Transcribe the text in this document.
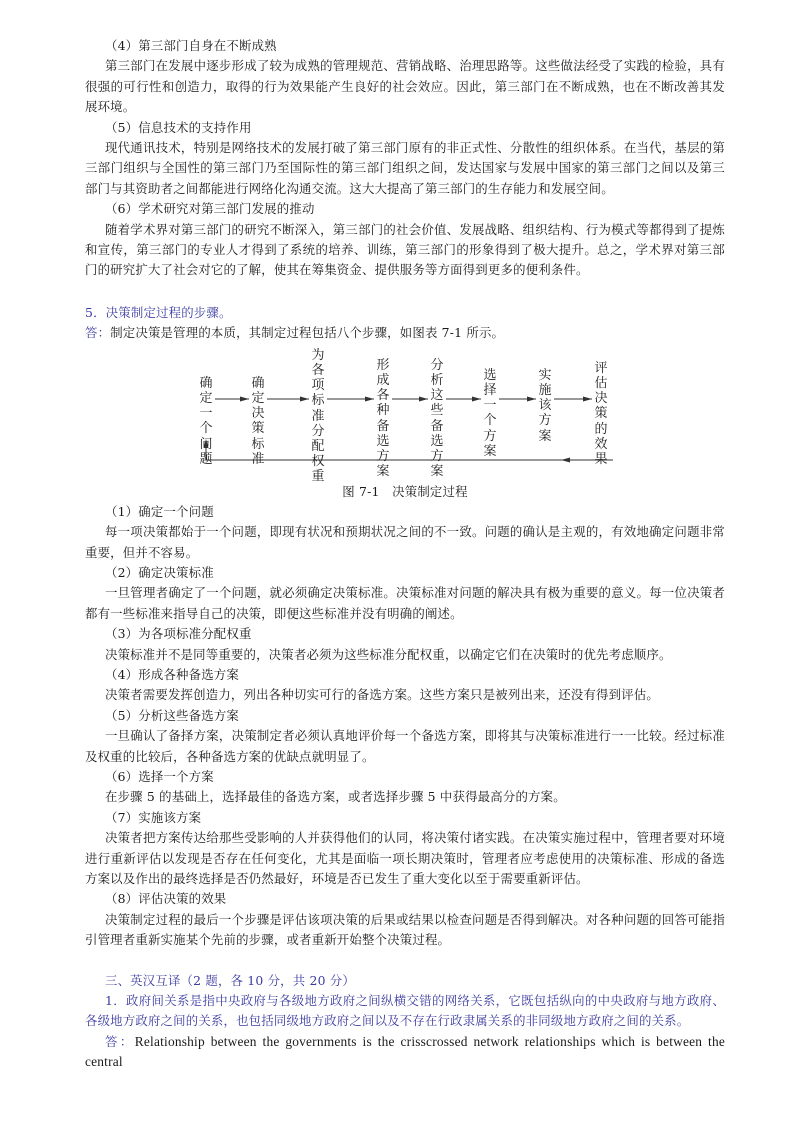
（4）第三部门自身在不断成熟

第三部门在发展中逐步形成了较为成熟的管理规范、营销战略、治理思路等。这些做法经受了实践的检验，具有很强的可行性和创造力，取得的行为效果能产生良好的社会效应。因此，第三部门在不断成熟，也在不断改善其发展环境。

（5）信息技术的支持作用

现代通讯技术，特别是网络技术的发展打破了第三部门原有的非正式性、分散性的组织体系。在当代，基层的第三部门组织与全国性的第三部门乃至国际性的第三部门组织之间，发达国家与发展中国家的第三部门之间以及第三部门与其资助者之间都能进行网络化沟通交流。这大大提高了第三部门的生存能力和发展空间。

（6）学术研究对第三部门发展的推动

随着学术界对第三部门的研究不断深入，第三部门的社会价值、发展战略、组织结构、行为模式等都得到了提炼和宣传，第三部门的专业人才得到了系统的培养、训练，第三部门的形象得到了极大提升。总之，学术界对第三部门的研究扩大了社会对它的了解，使其在筹集资金、提供服务等方面得到更多的便利条件。

5．决策制定过程的步骤。

答：制定决策是管理的本质，其制定过程包括八个步骤，如图表 7-1 所示。

确定一个问题
确定决策标准
为各项标准分配权重
形成各种备选方案
分析这些备选方案
选择一个方案
实施该方案
评估决策的效果

图 7-1　决策制定过程

（1）确定一个问题

每一项决策都始于一个问题，即现有状况和预期状况之间的不一致。问题的确认是主观的，有效地确定问题非常重要，但并不容易。

（2）确定决策标准

一旦管理者确定了一个问题，就必须确定决策标准。决策标准对问题的解决具有极为重要的意义。每一位决策者都有一些标准来指导自己的决策，即便这些标准并没有明确的阐述。

（3）为各项标准分配权重

决策标准并不是同等重要的，决策者必须为这些标准分配权重，以确定它们在决策时的优先考虑顺序。

（4）形成各种备选方案

决策者需要发挥创造力，列出各种切实可行的备选方案。这些方案只是被列出来，还没有得到评估。

（5）分析这些备选方案

一旦确认了备择方案，决策制定者必须认真地评价每一个备选方案，即将其与决策标准进行一一比较。经过标准及权重的比较后，各种备选方案的优缺点就明显了。

（6）选择一个方案

在步骤 5 的基础上，选择最佳的备选方案，或者选择步骤 5 中获得最高分的方案。

（7）实施该方案

决策者把方案传达给那些受影响的人并获得他们的认同，将决策付诸实践。在决策实施过程中，管理者要对环境进行重新评估以发现是否存在任何变化，尤其是面临一项长期决策时，管理者应考虑使用的决策标准、形成的备选方案以及作出的最终选择是否仍然最好，环境是否已发生了重大变化以至于需要重新评估。

（8）评估决策的效果

决策制定过程的最后一个步骤是评估该项决策的后果或结果以检查问题是否得到解决。对各种问题的回答可能指引管理者重新实施某个先前的步骤，或者重新开始整个决策过程。

三、英汉互译（2 题，各 10 分，共 20 分）

1．政府间关系是指中央政府与各级地方政府之间纵横交错的网络关系，它既包括纵向的中央政府与地方政府、各级地方政府之间的关系，也包括同级地方政府之间以及不存在行政隶属关系的非同级地方政府之间的关系。

答：Relationship between the governments is the crisscrossed network relationships which is between the central
